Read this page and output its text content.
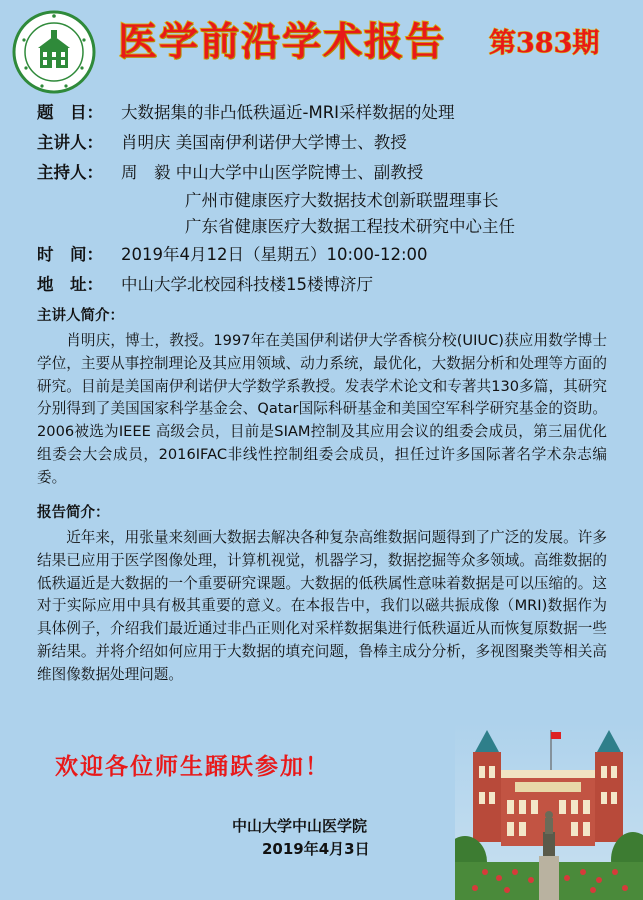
医学前沿学术报告	第383期
题　目：	大数据集的非凸低秩逼近-MRI采样数据的处理
主讲人：	肖明庆 美国南伊利诺伊大学博士、教授
主持人：	周　毅 中山大学中山医学院博士、副教授
广州市健康医疗大数据技术创新联盟理事长
广东省健康医疗大数据工程技术研究中心主任
时　间：	2019年4月12日（星期五）10:00-12:00
地　址：	中山大学北校园科技楼15楼博济厅
主讲人简介：
肖明庆，博士，教授。1997年在美国伊利诺伊大学香槟分校(UIUC)获应用数学博士学位，主要从事控制理论及其应用领域、动力系统，最优化，大数据分析和处理等方面的研究。目前是美国南伊利诺伊大学数学系教授。发表学术论文和专著共130多篇，其研究分别得到了美国国家科学基金会、Qatar国际科研基金和美国空军科学研究基金的资助。2006被选为IEEE 高级会员，目前是SIAM控制及其应用会议的组委会成员，第三届优化组委会大会成员，2016IFAC非线性控制组委会成员，担任过许多国际著名学术杂志编委。
报告简介：
近年来，用张量来刻画大数据去解决各种复杂高维数据问题得到了广泛的发展。许多结果已应用于医学图像处理，计算机视觉，机器学习，数据挖掘等众多领域。高维数据的低秩逼近是大数据的一个重要研究课题。大数据的低秩属性意味着数据是可以压缩的。这对于实际应用中具有极其重要的意义。在本报告中，我们以磁共振成像（MRI)数据作为具体例子，介绍我们最近通过非凸正则化对采样数据集进行低秩逼近从而恢复原数据一些新结果。并将介绍如何应用于大数据的填充问题，鲁棒主成分分析，多视图聚类等相关高维图像数据处理问题。
欢迎各位师生踊跃参加！
中山大学中山医学院
2019年4月3日
